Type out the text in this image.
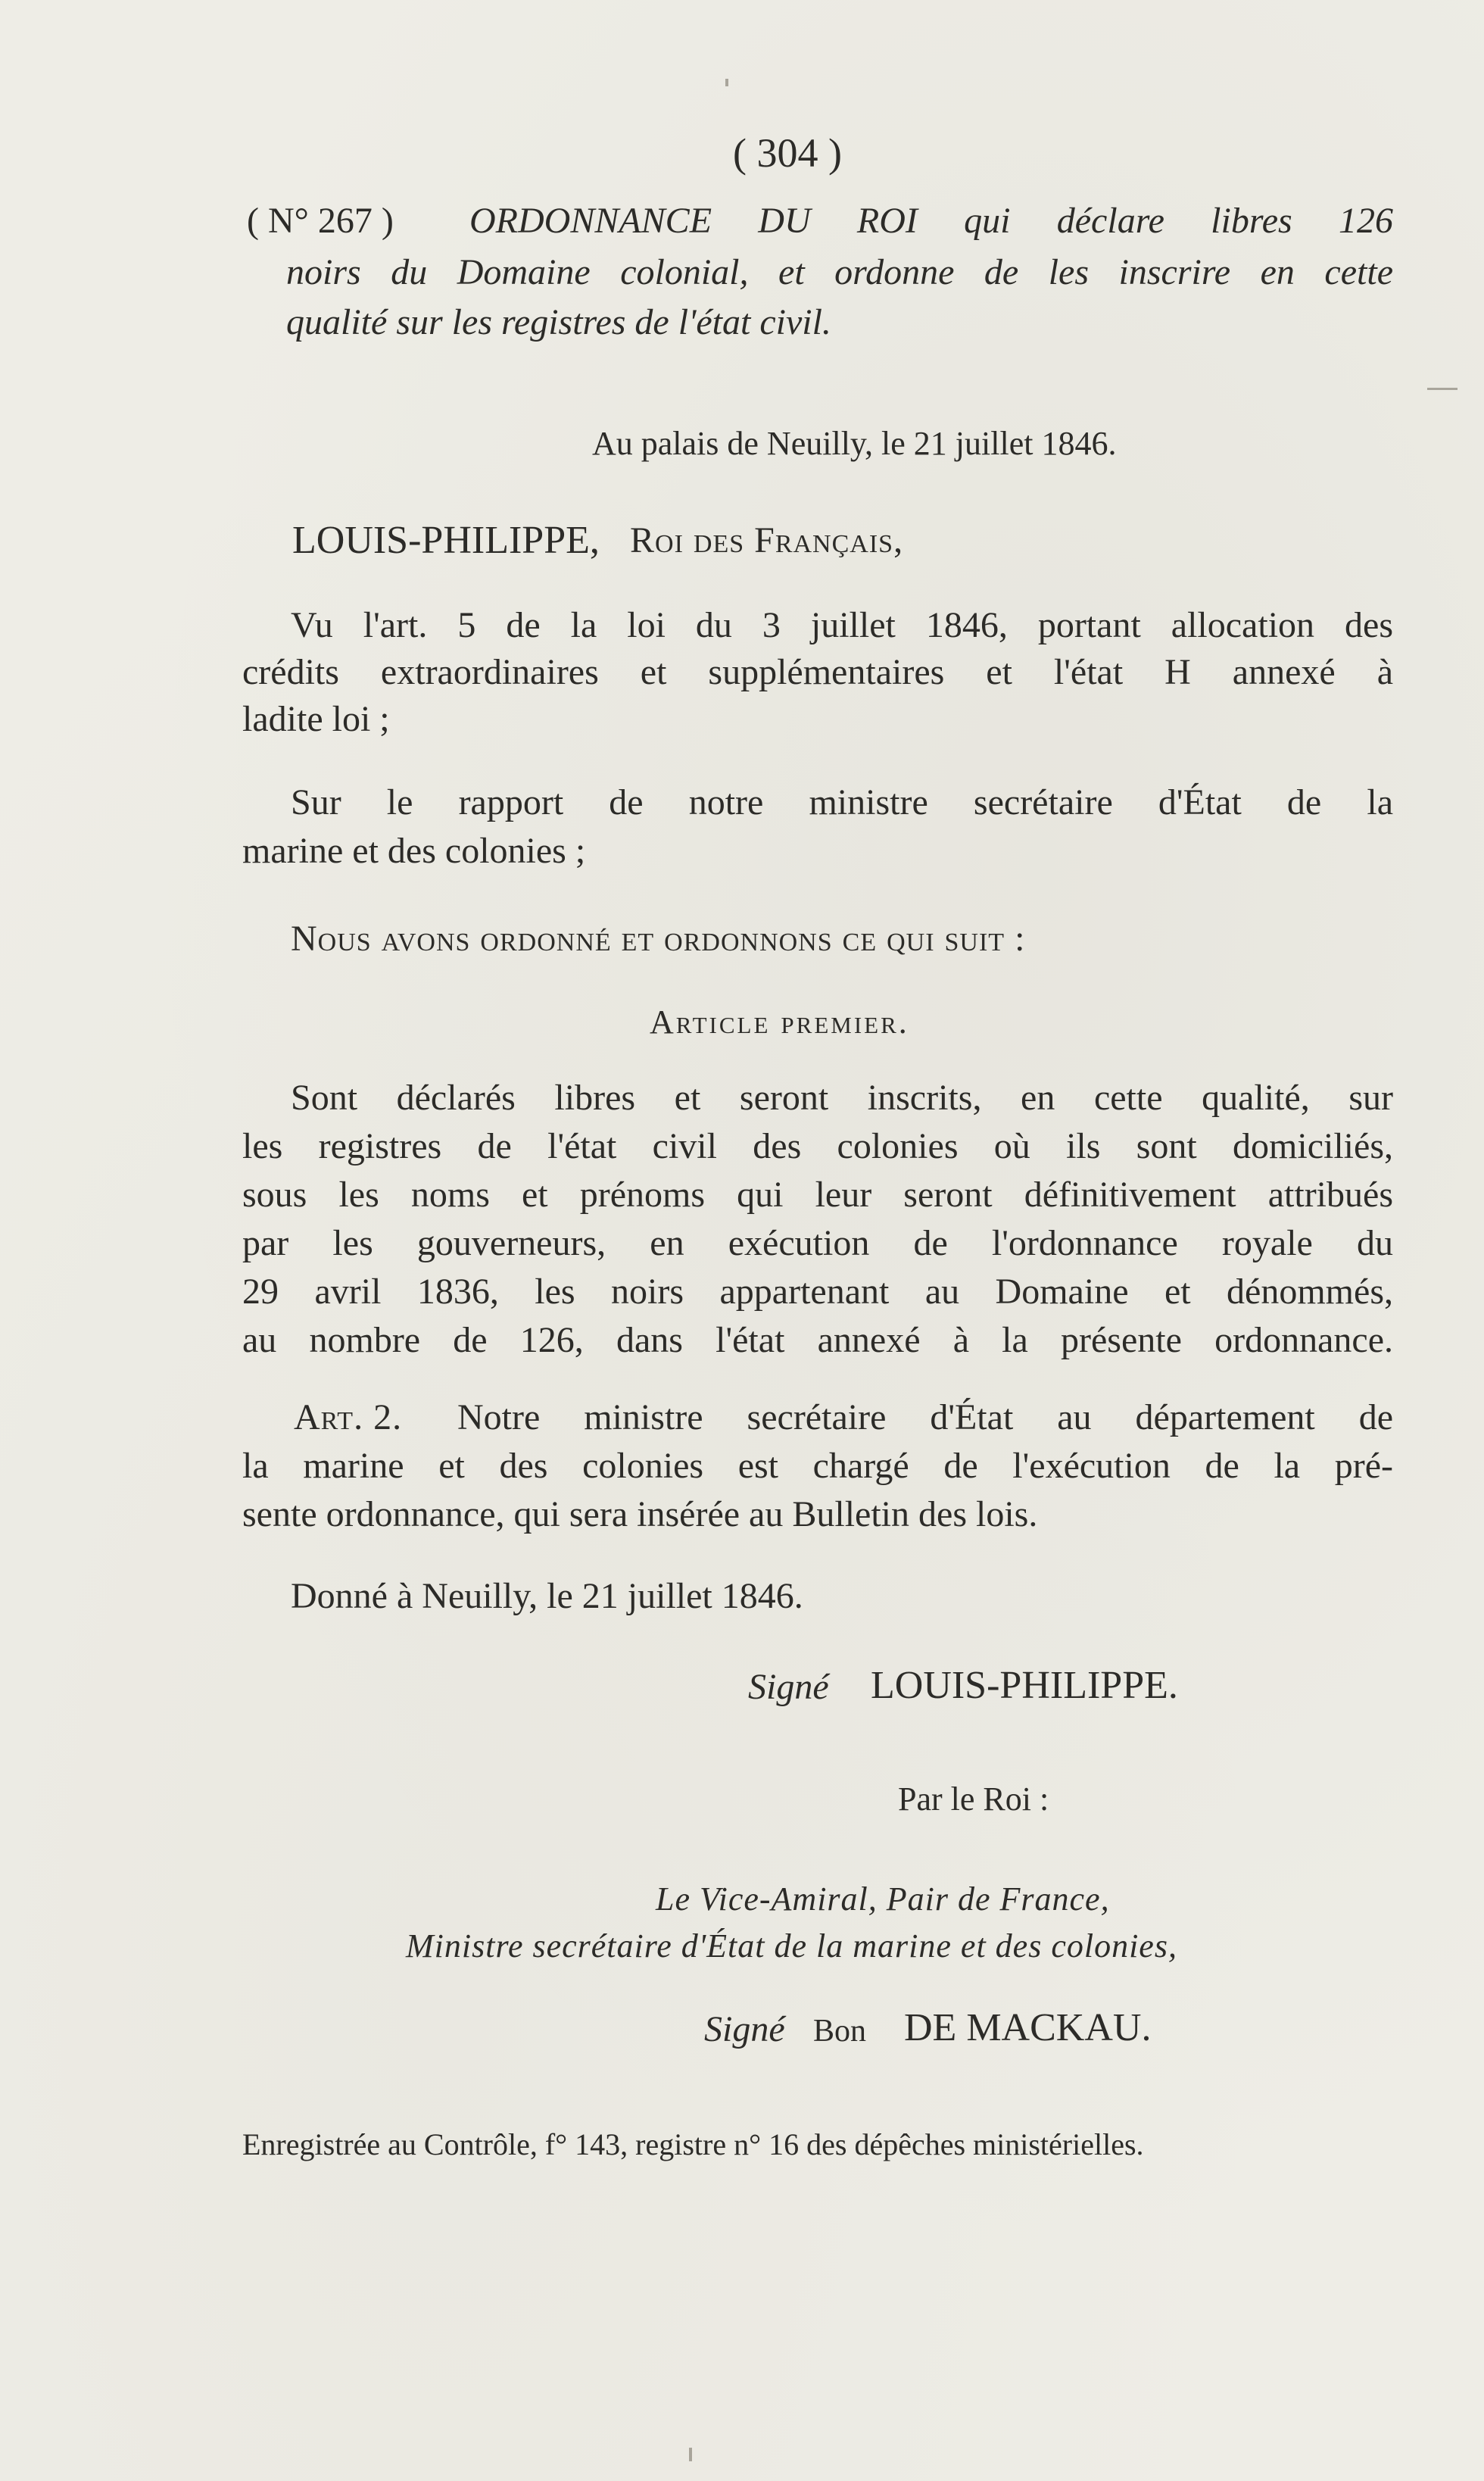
( 304 )
( N° 267 ) ORDONNANCE DU ROI qui déclare libres 126
noirs du Domaine colonial, et ordonne de les inscrire en cette
qualité sur les registres de l'état civil.
Au palais de Neuilly, le 21 juillet 1846.
LOUIS-PHILIPPE, Roi des Français,
Vu l'art. 5 de la loi du 3 juillet 1846, portant allocation des
crédits extraordinaires et supplémentaires et l'état H annexé à
ladite loi ;
Sur le rapport de notre ministre secrétaire d'État de la
marine et des colonies ;
Nous avons ordonné et ordonnons ce qui suit :
Article premier.
Sont déclarés libres et seront inscrits, en cette qualité, sur
les registres de l'état civil des colonies où ils sont domiciliés,
sous les noms et prénoms qui leur seront définitivement attribués
par les gouverneurs, en exécution de l'ordonnance royale du
29 avril 1836, les noirs appartenant au Domaine et dénommés,
au nombre de 126, dans l'état annexé à la présente ordonnance.
Art. 2. Notre ministre secrétaire d'État au département de
la marine et des colonies est chargé de l'exécution de la pré-
sente ordonnance, qui sera insérée au Bulletin des lois.
Donné à Neuilly, le 21 juillet 1846.
Signé LOUIS-PHILIPPE.
Par le Roi :
Le Vice-Amiral, Pair de France,
Ministre secrétaire d'État de la marine et des colonies,
Signé Bon DE MACKAU.
Enregistrée au Contrôle, f° 143, registre n° 16 des dépêches ministérielles.
